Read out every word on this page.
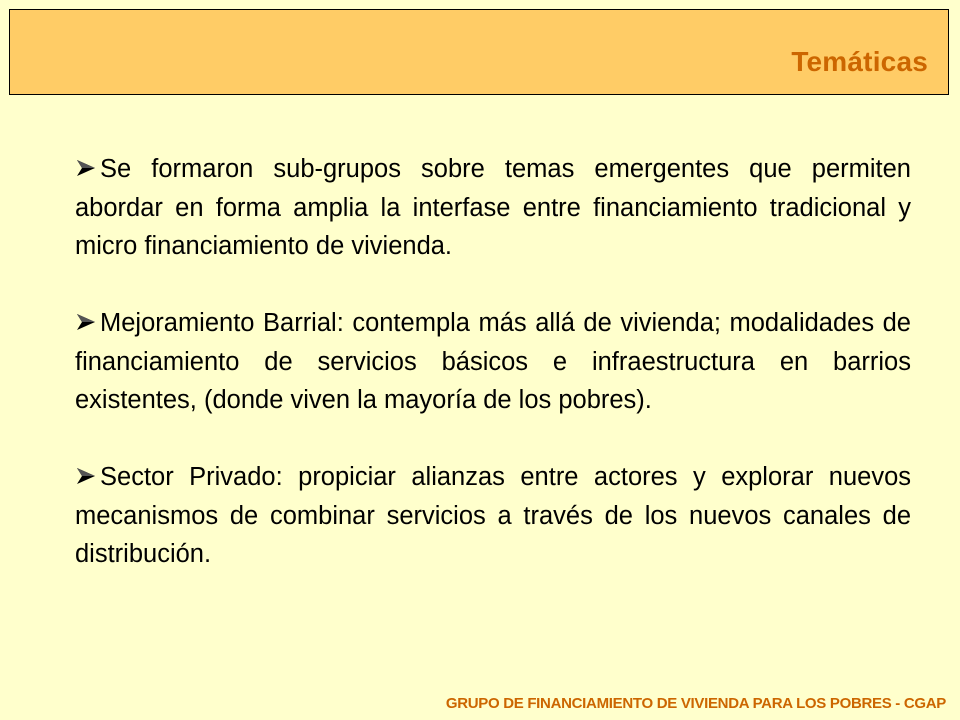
Temáticas

Se formaron sub-grupos sobre temas emergentes que permiten abordar en forma amplia la interfase entre financiamiento tradicional y micro financiamiento de vivienda.

Mejoramiento Barrial: contempla más allá de vivienda; modalidades de financiamiento de servicios básicos e infraestructura en barrios existentes, (donde viven la mayoría de los pobres).

Sector Privado: propiciar alianzas entre actores y explorar nuevos mecanismos de combinar servicios a través de los nuevos canales de distribución.

GRUPO DE FINANCIAMIENTO DE VIVIENDA PARA LOS POBRES - CGAP
